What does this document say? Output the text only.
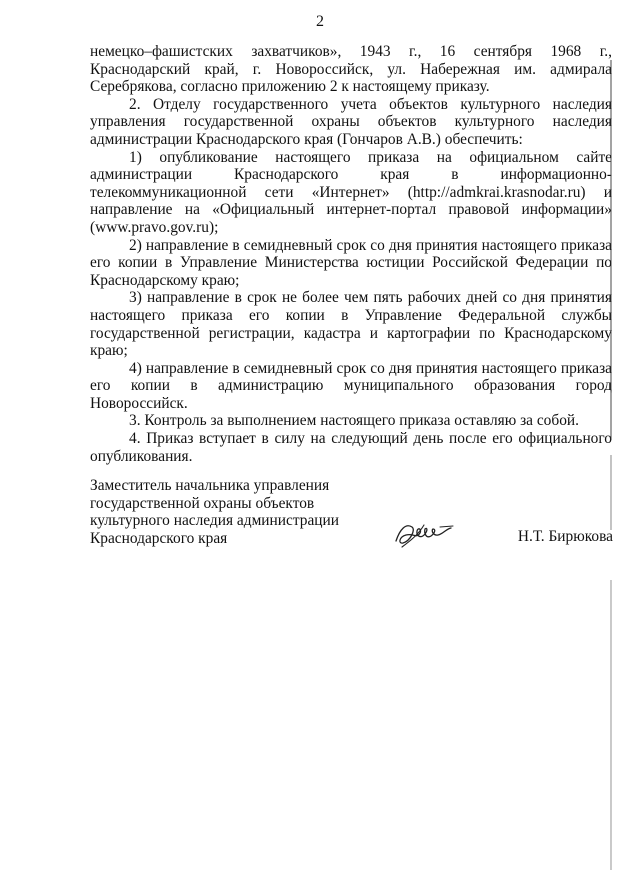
2

немецко–фашистских захватчиков», 1943 г., 16 сентября 1968 г., Краснодарский край, г. Новороссийск, ул. Набережная им. адмирала Серебрякова, согласно приложению 2 к настоящему приказу.

2. Отделу государственного учета объектов культурного наследия управления государственной охраны объектов культурного наследия администрации Краснодарского края (Гончаров А.В.) обеспечить:

1) опубликование настоящего приказа на официальном сайте администрации Краснодарского края в информационно-телекоммуникационной сети «Интернет» (http://admkrai.krasnodar.ru) и направление на «Официальный интернет-портал правовой информации» (www.pravo.gov.ru);

2) направление в семидневный срок со дня принятия настоящего приказа его копии в Управление Министерства юстиции Российской Федерации по Краснодарскому краю;

3) направление в срок не более чем пять рабочих дней со дня принятия настоящего приказа его копии в Управление Федеральной службы государственной регистрации, кадастра и картографии по Краснодарскому краю;

4) направление в семидневный срок со дня принятия настоящего приказа его копии в администрацию муниципального образования город Новороссийск.

3. Контроль за выполнением настоящего приказа оставляю за собой.

4. Приказ вступает в силу на следующий день после его официального опубликования.

Заместитель начальника управления
государственной охраны объектов
культурного наследия администрации
Краснодарского края	Н.Т. Бирюкова
